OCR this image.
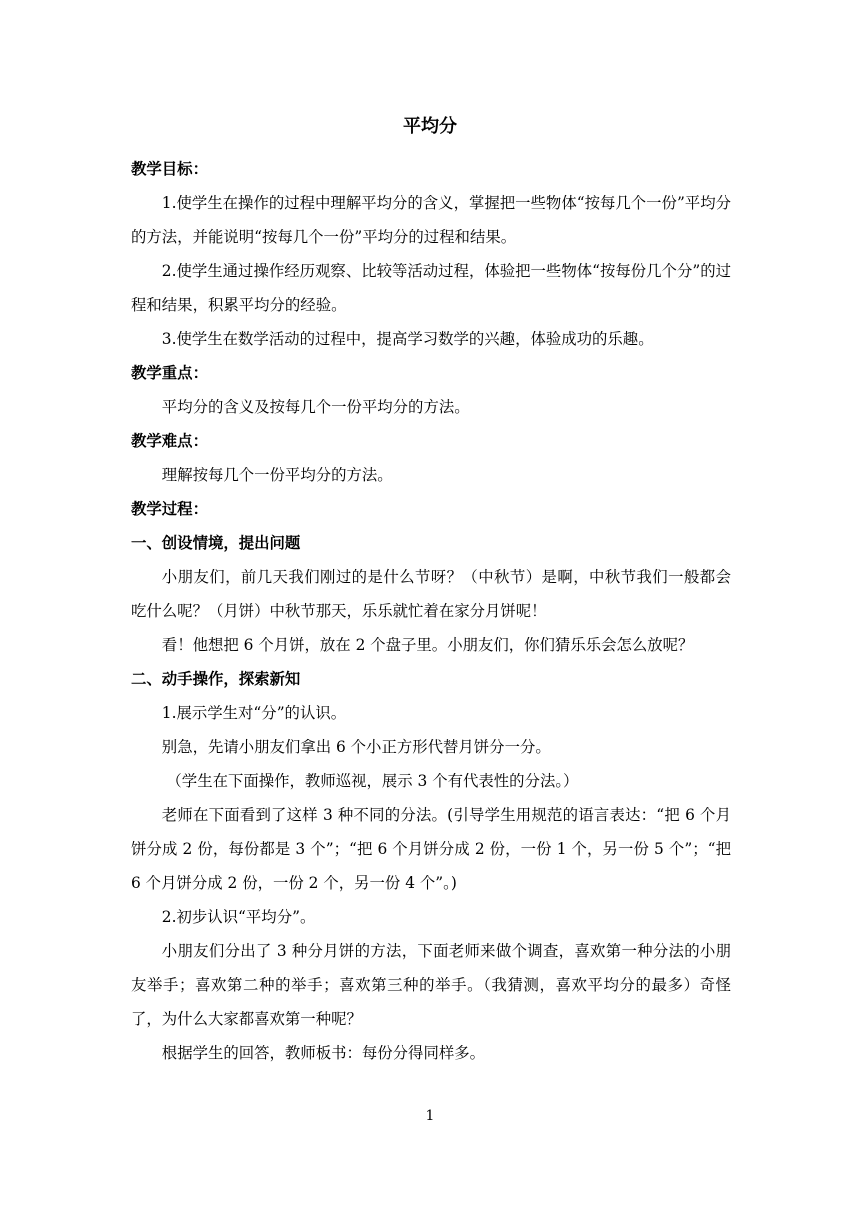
平均分

教学目标：

1.使学生在操作的过程中理解平均分的含义，掌握把一些物体“按每几个一份”平均分的方法，并能说明“按每几个一份”平均分的过程和结果。

2.使学生通过操作经历观察、比较等活动过程，体验把一些物体“按每份几个分”的过程和结果，积累平均分的经验。

3.使学生在数学活动的过程中，提高学习数学的兴趣，体验成功的乐趣。

教学重点：

平均分的含义及按每几个一份平均分的方法。

教学难点：

理解按每几个一份平均分的方法。

教学过程：

一、创设情境，提出问题

小朋友们，前几天我们刚过的是什么节呀？（中秋节）是啊，中秋节我们一般都会吃什么呢？（月饼）中秋节那天，乐乐就忙着在家分月饼呢！

看！他想把 6 个月饼，放在 2 个盘子里。小朋友们，你们猜乐乐会怎么放呢？

二、动手操作，探索新知

1.展示学生对“分”的认识。

别急，先请小朋友们拿出 6 个小正方形代替月饼分一分。

（学生在下面操作，教师巡视，展示 3 个有代表性的分法。）

老师在下面看到了这样 3 种不同的分法。(引导学生用规范的语言表达：“把 6 个月饼分成 2 份，每份都是 3 个”；“把 6 个月饼分成 2 份，一份 1 个，另一份 5 个”；“把 6 个月饼分成 2 份，一份 2 个，另一份 4 个”。)

2.初步认识“平均分”。

小朋友们分出了 3 种分月饼的方法，下面老师来做个调查，喜欢第一种分法的小朋友举手；喜欢第二种的举手；喜欢第三种的举手。（我猜测，喜欢平均分的最多）奇怪了，为什么大家都喜欢第一种呢？

根据学生的回答，教师板书：每份分得同样多。

1
